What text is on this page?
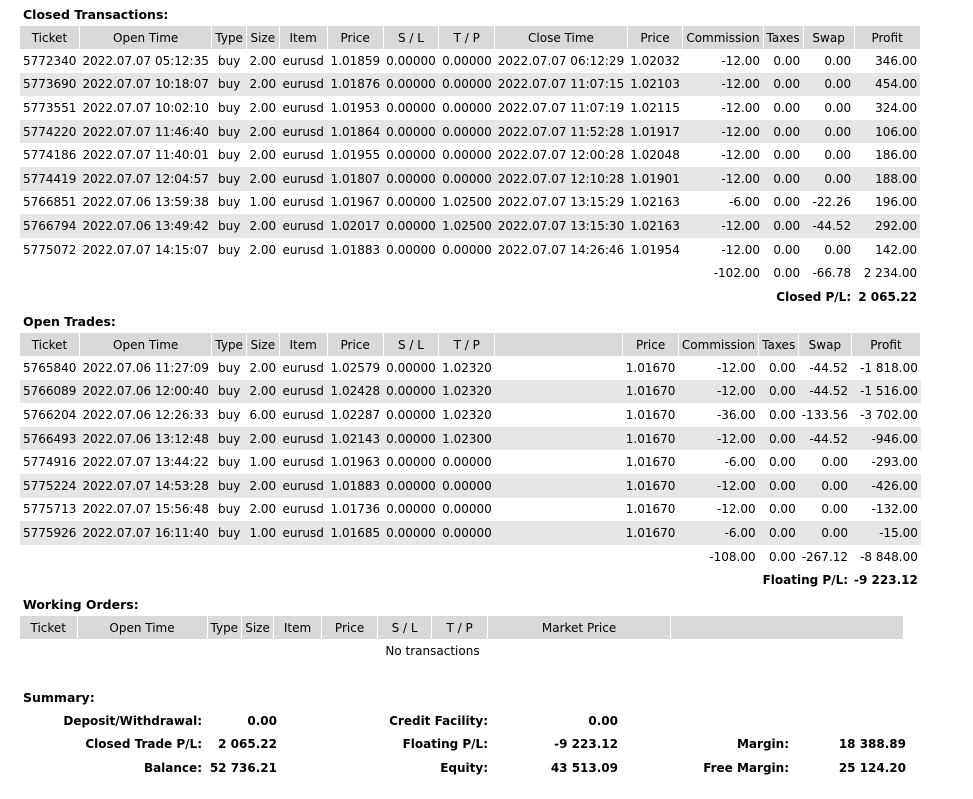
Closed Transactions:
Ticket	Open Time	Type	Size	Item	Price	S / L	T / P	Close Time	Price	Commission	Taxes	Swap	Profit
5772340	2022.07.07 05:12:35	buy	2.00	eurusd	1.01859	0.00000	0.00000	2022.07.07 06:12:29	1.02032	-12.00	0.00	0.00	346.00
5773690	2022.07.07 10:18:07	buy	2.00	eurusd	1.01876	0.00000	0.00000	2022.07.07 11:07:15	1.02103	-12.00	0.00	0.00	454.00
5773551	2022.07.07 10:02:10	buy	2.00	eurusd	1.01953	0.00000	0.00000	2022.07.07 11:07:19	1.02115	-12.00	0.00	0.00	324.00
5774220	2022.07.07 11:46:40	buy	2.00	eurusd	1.01864	0.00000	0.00000	2022.07.07 11:52:28	1.01917	-12.00	0.00	0.00	106.00
5774186	2022.07.07 11:40:01	buy	2.00	eurusd	1.01955	0.00000	0.00000	2022.07.07 12:00:28	1.02048	-12.00	0.00	0.00	186.00
5774419	2022.07.07 12:04:57	buy	2.00	eurusd	1.01807	0.00000	0.00000	2022.07.07 12:10:28	1.01901	-12.00	0.00	0.00	188.00
5766851	2022.07.06 13:59:38	buy	1.00	eurusd	1.01967	0.00000	1.02500	2022.07.07 13:15:29	1.02163	-6.00	0.00	-22.26	196.00
5766794	2022.07.06 13:49:42	buy	2.00	eurusd	1.02017	0.00000	1.02500	2022.07.07 13:15:30	1.02163	-12.00	0.00	-44.52	292.00
5775072	2022.07.07 14:15:07	buy	2.00	eurusd	1.01883	0.00000	0.00000	2022.07.07 14:26:46	1.01954	-12.00	0.00	0.00	142.00
										-102.00	0.00	-66.78	2 234.00
										Closed P/L:			2 065.22
Open Trades:
Ticket	Open Time	Type	Size	Item	Price	S / L	T / P		Price	Commission	Taxes	Swap	Profit
5765840	2022.07.06 11:27:09	buy	2.00	eurusd	1.02579	0.00000	1.02320		1.01670	-12.00	0.00	-44.52	-1 818.00
5766089	2022.07.06 12:00:40	buy	2.00	eurusd	1.02428	0.00000	1.02320		1.01670	-12.00	0.00	-44.52	-1 516.00
5766204	2022.07.06 12:26:33	buy	6.00	eurusd	1.02287	0.00000	1.02320		1.01670	-36.00	0.00	-133.56	-3 702.00
5766493	2022.07.06 13:12:48	buy	2.00	eurusd	1.02143	0.00000	1.02300		1.01670	-12.00	0.00	-44.52	-946.00
5774916	2022.07.07 13:44:22	buy	1.00	eurusd	1.01963	0.00000	0.00000		1.01670	-6.00	0.00	0.00	-293.00
5775224	2022.07.07 14:53:28	buy	2.00	eurusd	1.01883	0.00000	0.00000		1.01670	-12.00	0.00	0.00	-426.00
5775713	2022.07.07 15:56:48	buy	2.00	eurusd	1.01736	0.00000	0.00000		1.01670	-12.00	0.00	0.00	-132.00
5775926	2022.07.07 16:11:40	buy	1.00	eurusd	1.01685	0.00000	0.00000		1.01670	-6.00	0.00	0.00	-15.00
										-108.00	0.00	-267.12	-8 848.00
										Floating P/L:			-9 223.12
Working Orders:
Ticket	Open Time	Type	Size	Item	Price	S / L	T / P	Market Price	
No transactions
Summary:
Deposit/Withdrawal:	0.00
Closed Trade P/L:	2 065.22
Balance: 52 736.21
Credit Facility:	0.00
Floating P/L:	-9 223.12
Equity:	43 513.09
Margin:	18 388.89
Free Margin:	25 124.20
